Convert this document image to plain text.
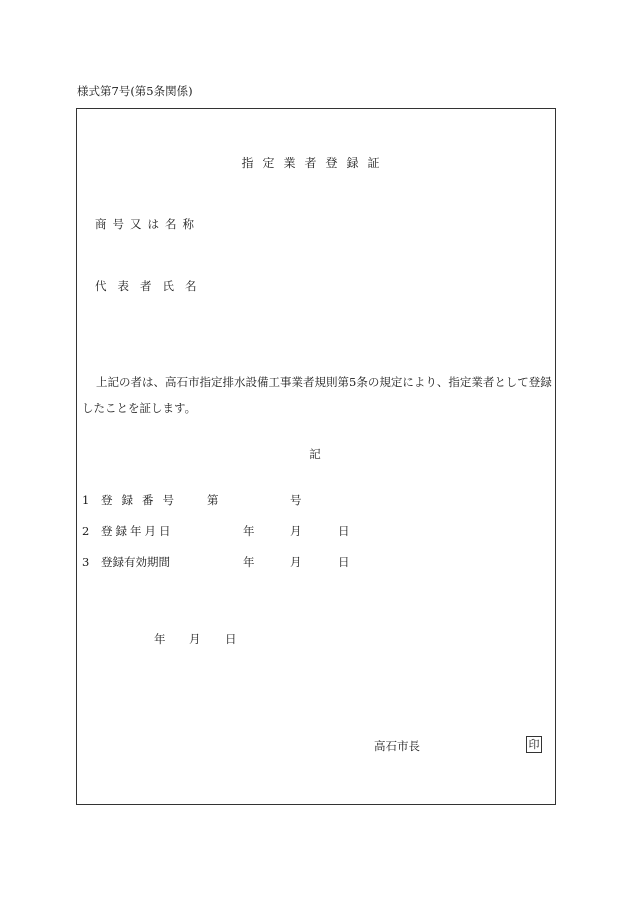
様式第7号(第5条関係)
指定業者登録証
商号又は名称
代表者氏名
上記の者は、高石市指定排水設備工事業者規則第5条の規定により、指定業者として登録したことを証します。
記
1 登録番号 第	号
2 登録年月日	年	月	日
3 登録有効期間	年	月	日
年 月 日
高石市長	印
